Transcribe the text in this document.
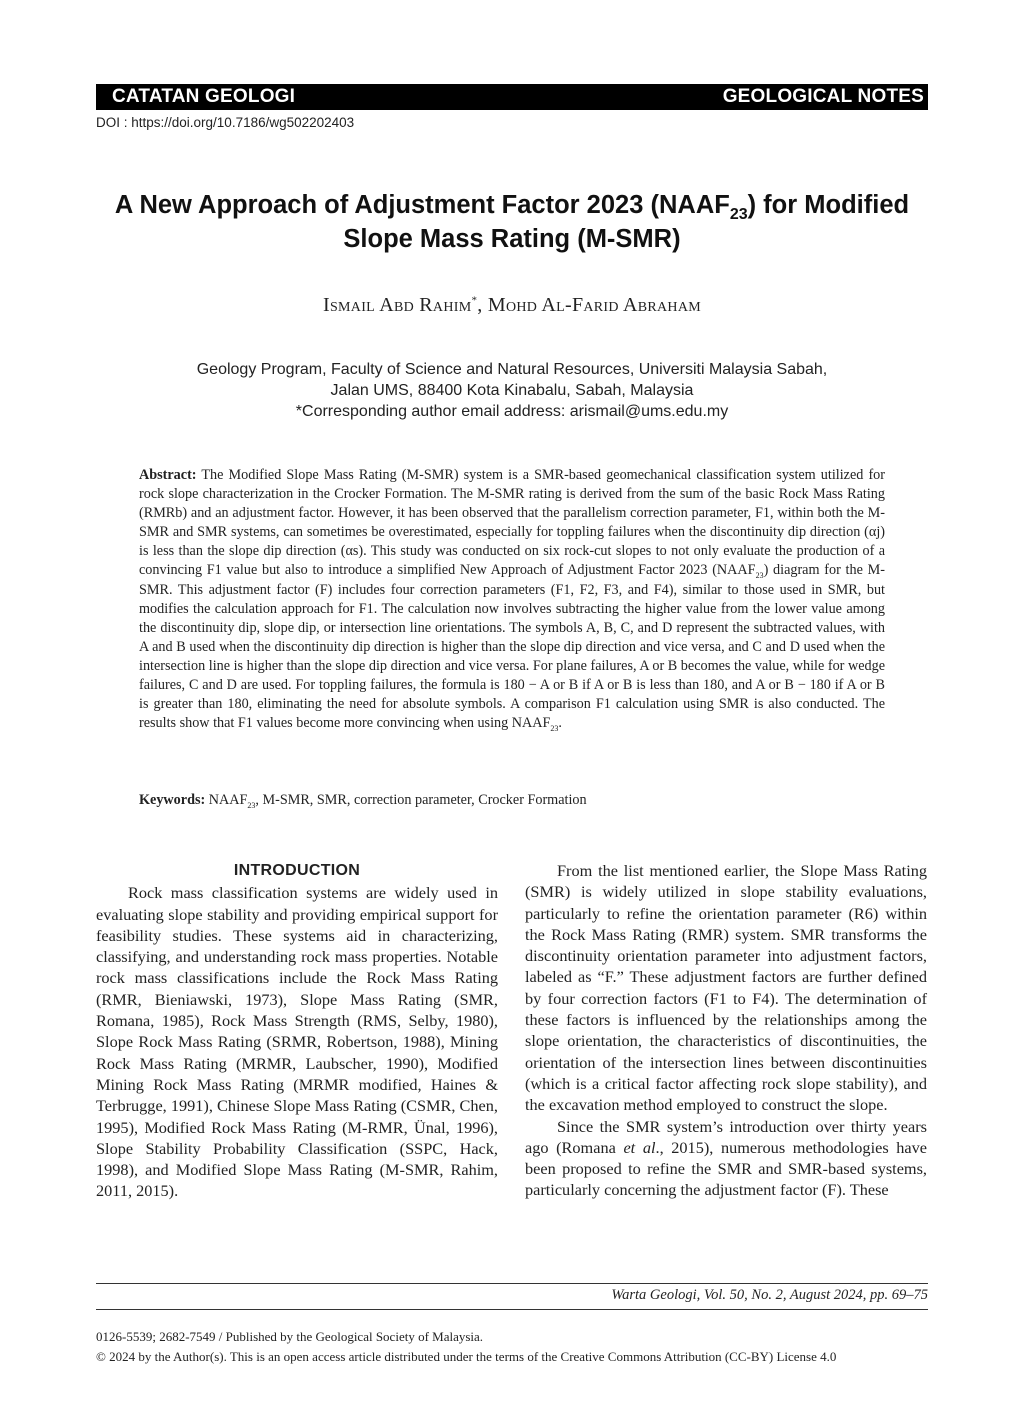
CATATAN GEOLOGI	GEOLOGICAL NOTES
DOI : https://doi.org/10.7186/wg502202403
A New Approach of Adjustment Factor 2023 $(NAAF_{23})$ for Modified
Slope Mass Rating (M-SMR)
Ismail Abd Rahim*, Mohd Al-Farid Abraham
Geology Program, Faculty of Science and Natural Resources, Universiti Malaysia Sabah,
Jalan UMS, 88400 Kota Kinabalu, Sabah, Malaysia
*Corresponding author email address: arismail@ums.edu.my
Abstract: The Modified Slope Mass Rating (M-SMR) system is a SMR-based geomechanical classification system utilized for rock slope characterization in the Crocker Formation. The M-SMR rating is derived from the sum of the basic Rock Mass Rating (RMRb) and an adjustment factor. However, it has been observed that the parallelism correction parameter, F1, within both the M-SMR and SMR systems, can sometimes be overestimated, especially for toppling failures when the discontinuity dip direction (αj) is less than the slope dip direction (αs). This study was conducted on six rock-cut slopes to not only evaluate the production of a convincing F1 value but also to introduce a simplified New Approach of Adjustment Factor 2023 $(NAAF_{23})$ diagram for the M-SMR. This adjustment factor (F) includes four correction parameters (F1, F2, F3, and F4), similar to those used in SMR, but modifies the calculation approach for F1. The calculation now involves subtracting the higher value from the lower value among the discontinuity dip, slope dip, or intersection line orientations. The symbols A, B, C, and D represent the subtracted values, with A and B used when the discontinuity dip direction is higher than the slope dip direction and vice versa, and C and D used when the intersection line is higher than the slope dip direction and vice versa. For plane failures, A or B becomes the value, while for wedge failures, C and D are used. For toppling failures, the formula is 180 − A or B if A or B is less than 180, and A or B − 180 if A or B is greater than 180, eliminating the need for absolute symbols. A comparison F1 calculation using SMR is also conducted. The results show that F1 values become more convincing when using $NAAF_{23}$.
Keywords: $NAAF_{23}$, M-SMR, SMR, correction parameter, Crocker Formation
INTRODUCTION

Rock mass classification systems are widely used in evaluating slope stability and providing empirical support for feasibility studies. These systems aid in characterizing, classifying, and understanding rock mass properties. Notable rock mass classifications include the Rock Mass Rating (RMR, Bieniawski, 1973), Slope Mass Rating (SMR, Romana, 1985), Rock Mass Strength (RMS, Selby, 1980), Slope Rock Mass Rating (SRMR, Robertson, 1988), Mining Rock Mass Rating (MRMR, Laubscher, 1990), Modified Mining Rock Mass Rating (MRMR modified, Haines & Terbrugge, 1991), Chinese Slope Mass Rating (CSMR, Chen, 1995), Modified Rock Mass Rating (M-RMR, Ünal, 1996), Slope Stability Probability Classification (SSPC, Hack, 1998), and Modified Slope Mass Rating (M-SMR, Rahim, 2011, 2015).

From the list mentioned earlier, the Slope Mass Rating (SMR) is widely utilized in slope stability evaluations, particularly to refine the orientation parameter (R6) within the Rock Mass Rating (RMR) system. SMR transforms the discontinuity orientation parameter into adjustment factors, labeled as “F.” These adjustment factors are further defined by four correction factors (F1 to F4). The determination of these factors is influenced by the relationships among the slope orientation, the characteristics of discontinuities, the orientation of the intersection lines between discontinuities (which is a critical factor affecting rock slope stability), and the excavation method employed to construct the slope.

Since the SMR system’s introduction over thirty years ago (Romana et al., 2015), numerous methodologies have been proposed to refine the SMR and SMR-based systems, particularly concerning the adjustment factor (F). These

Warta Geologi, Vol. 50, No. 2, August 2024, pp. 69–75
0126-5539; 2682-7549 / Published by the Geological Society of Malaysia.
© 2024 by the Author(s). This is an open access article distributed under the terms of the Creative Commons Attribution (CC-BY) License 4.0
